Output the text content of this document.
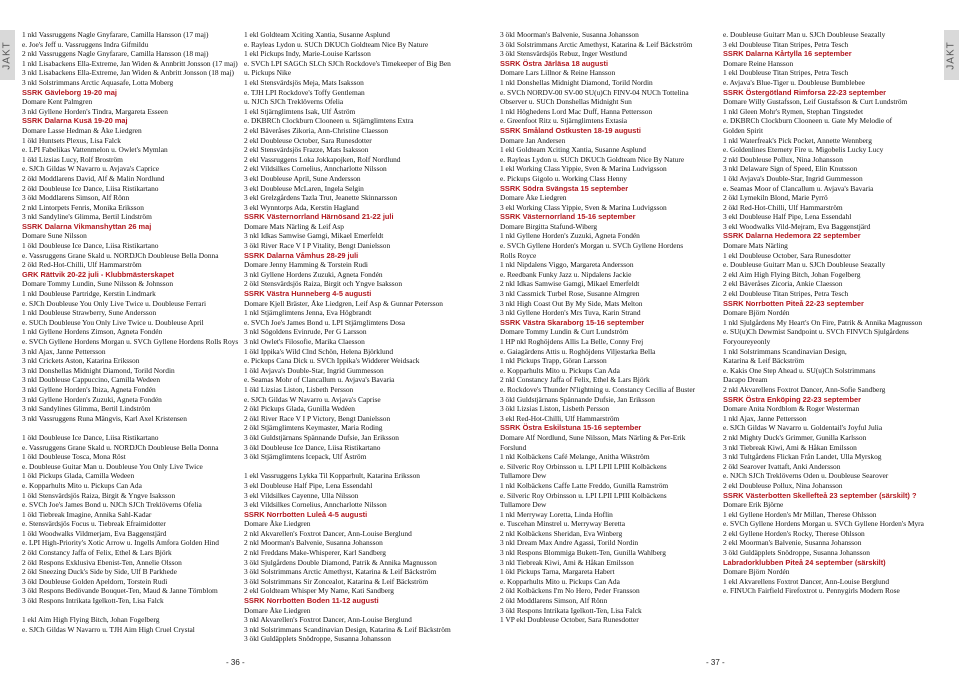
JAKT
1 nkl Vassruggens Nagle Gnyfarare, Camilla Hansson (17 maj)
e. Joe's Jeff u. Vassruggens Indra Gifmildu
2 nkl Vassruggens Nagle Gnyfarare, Camilla Hansson (18 maj)
1 nkl Lisabackens Ella-Extreme, Jan Widen & Annbritt Jonsson (17 maj)
3 nkl Lisabackens Ella-Extreme, Jan Widen & Anbritt Jonsson (18 maj)
3 nkl Solstrimmans Arctic Aquasafe, Lotta Moberg
SSRK Gävleborg 19-20 maj
Domare Kent Palmgren
3 nkl Gyllene Horden's Tindra, Margareta Esseen
SSRK Dalarna Kusä 19-20 maj
Domare Lasse Hedman & Åke Liedgren
1 ökl Huntsets Plexus, Lisa Falck
e. LPI Fabelikas Vattenmelon u. Owlet's Mymlan
1 ökl Lizsias Lucy, Rolf Broström
e. SJCh Gildas W Navarro u. Avjava's Caprice
2 ökl Moddlarens David, Alf & Malin Nordlund
2 ökl Doubleuse Ice Dance, Liisa Ristikartano
3 ökl Moddlarens Simson, Alf Rönn
2 nkl Lintorpets Fenris, Monika Eriksson
3 nkl Sandyline's Glimma, Bertil Lindström
SSRK Dalarna Vikmanshyttan 26 maj
Domare Sune Nilsson
1 ökl Doubleuse Ice Dance, Liisa Ristikartano
e. Vassruggens Grane Skald u. NORDJCh Doubleuse Bella Donna
2 ökl Red-Hot-Chilli, Ulf Hammarström
GRK Rättvik 20-22 juli - Klubbmästerskapet
Domare Tommy Lundin, Sune Nilsson & Johnsson
1 nkl Doubleuse Partridge, Kerstin Lindmark
e. SJCh Doubleuse You Only Live Twice u. Doubleuse Ferrari
1 nkl Doubleuse Strawberry, Sune Andersson
e. SUCh Doubleuse You Only Live Twice u. Doubleuse April
1 nkl Gyllene Hordens Zimson, Agneta Fondén
e. SVCh Gyllene Hordens Morgan u. SVCh Gyllene Hordens Rolls Roys
3 nkl Ajax, Janne Pettersson
3 nkl Crickets Aston, Katarina Eriksson
3 nkl Donshellas Midnight Diamond, Torild Nordin
3 nkl Doubleuse Cappuccino, Camilla Wedeen
3 nkl Gyllene Horden's Ibiza, Agneta Fondén
3 nkl Gyllene Horden's Zuzuki, Agneta Fondén
3 nkl Sandylines Glimma, Bertil Lindström
3 nkl Vassruggens Runa Mängvis, Karl Axel Kristensen

1 ökl Doubleuse Ice Dance, Liisa Ristikartano
e. Vassruggens Grane Skald u. NORDJCh Doubleuse Bella Donna
1 ökl Doubleuse Tosca, Mona Röst
e. Doubleuse Guitar Man u. Doubleuse You Only Live Twice
1 ökl Pickups Glada, Camilla Wedeen
e. Kopparhults Mito u. Pickups Can Ada
1 ökl Stensvärdsjös Raiza, Birgit & Yngve Isaksson
e. SVCh Joe's James Bond u. NJCh SJCh Treklöverns Ofelia
1 ökl Tiebreak Imagine, Annika Sahl-Kadar
e. Stensvärdsjös Focus u. Tiebreak Efraimidotter
1 ökl Woodwalks Vildmerjam, Eva Baggenstjärd
e. LPI High-Priority's Xotic Arrow u. Ingells Amfora Golden Hind
2 ökl Constancy Jaffa of Felix, Ethel & Lars Björk
2 ökl Respons Exklusiva Ebenist-Ten, Annelie Olsson
2 ökl Sneezing Duck's Side by Side, Ulf B Parkhede
3 ökl Doubleuse Golden Apeldorn, Torstein Rudi
3 ökl Respons Bedövande Bouquet-Ten, Maud & Janne Törnblom
3 ökl Respons Intrikata Igelkott-Ten, Lisa Falck

1 ekl Aim High Flying Bitch, Johan Fogelberg
e. SJCh Gildas W Navarro u. TJH Aim High Cruel Crystal
1 ekl Goldteam Xciting Xantia, Susanne Asplund
e. Rayleas Lydon u. SUCh DKUCh Goldteam Nice By Nature
1 ekl Pickups Indy, Marie-Louise Karlsson
e. SVCh LPI SAGCh SLCh SJCh Rockdove's Timekeeper of Big Ben
u. Pickups Nike
1 ekl Stensvärdsjös Meja, Mats Isaksson
e. TJH LPI Rockdove's Toffy Gentleman
u. NJCh SJCh Treklöverns Ofelia
1 ekl Stjärnglimtens Isak, Ulf Åström
e. DKBRCh Clockburn Clooneen u. Stjärnglimtens Extra
2 ekl Bäveråses Zikoria, Ann-Christine Claesson
2 ekl Doubleuse October, Sara Runesdotter
2 ekl Stensvärdsjös Frazze, Mats Isaksson
2 ekl Vassruggens Loka Jokkapojken, Rolf Nordlund
2 ekl Vildsilkes Cornelius, Anncharlotte Nilsson
3 ekl Doubleuse April, Sune Andersson
3 ekl Doubleuse McLaren, Ingela Selgin
3 ekl Grelzgårdens Tazla Trut, Jeanette Skinnarsson
3 ekl Wynntorps Ada, Kerstin Hagland
SSRK Västernorrland Härnösand 21-22 juli
Domare Mats Närling & Leif Asp
3 nkl Idkas Samwise Gamgi, Mikael Emerfeldt
3 ökl River Race V I P Vitality, Bengt Danielsson
SSRK Dalarna Våmhus 28-29 juli
Domare Jenny Hamming & Torstein Rudi
3 nkl Gyllene Hordens Zuzuki, Agneta Fondén
2 ökl Stensvärdsjös Raiza, Birgit och Yngve Isaksson
SSRK Västra Hunneberg 4-5 augusti
Domare Kjell Bräster, Åke Liedgren, Leif Asp & Gunnar Petersson
1 nkl Stjärnglimtens Jenna, Eva Högbrandt
e. SVCh Joe's James Bond u. LPI Stjärnglimtens Dosa
3 nkl Sögoldens Evinrude, Per G Larsson
3 nkl Owlet's Filosofie, Marika Claesson
1 ökl Ippika's Wild Clnd Schön, Helena Björklund
e. Pickups Cana Dick u. SVCh Ippika's Widderer Weidsack
1 ökl Avjava's Double-Star, Ingrid Gummesson
e. Seamas Mohr of Clancallum u. Avjava's Bavaria
1 ökl Lizsias Liston, Lisbeth Persson
e. SJCh Gildas W Navarro u. Avjava's Caprise
2 ökl Pickups Glada, Gunilla Wedéen
2 ökl River Race V I P Victory, Bengt Danielsson
2 ökl Stjärnglimtens Keymaster, Maria Roding
3 ökl Guldstjärnans Spännande Dufsie, Jan Eriksson
3 ökl Doubleuse Ice Dance, Liisa Ristikartano
3 ökl Stjärnglimtens Icepack, Ulf Åström

1 ekl Vassruggens Lykka Til Kopparhult, Katarina Eriksson
3 ekl Doubleuse Half Pipe, Lena Essendahl
3 ekl Vildsilkes Cayenne, Ulla Nilsson
3 ekl Vildsilkes Cornelius, Anncharlotte Nilsson
SSRK Norrbotten Luleå 4-5 augusti
Domare Åke Liedgren
2 nkl Akvarellen's Foxtrot Dancer, Ann-Louise Berglund
2 nkl Moorman's Balvenie, Susanna Johansson
2 nkl Freddans Make-Whisperer, Karl Sandberg
3 ökl Sjulgårdens Double Diamond, Patrik & Annika Magnusson
3 ökl Solstrimmans Arctic Amethyst, Katarina & Leif Bäckström
3 ökl Solstrimmans Sir Zoncealot, Katarina & Leif Bäckström
2 ekl Goldteam Whisper My Name, Kati Sandberg
SSRK Norrbotten Boden 11-12 augusti
Domare Åke Liedgren
3 nkl Akvarellen's Foxtrot Dancer, Ann-Louise Berglund
3 nkl Solstrimmans Scandinavian Design, Katarina & Leif Bäckström
3 ökl Guldäpplets Snödroppe, Susanna Johansson
- 36 -
3 ökl Moorman's Balvenie, Susanna Johansson
3 ökl Solstrimmans Arctic Amethyst, Katarina & Leif Bäckström
3 ökl Stensvärdsjös Rebuz, Inger Westlund
SSRK Östra Järläsa 18 augusti
Domare Lars Lillnor & Reine Hansson
1 nkl Donshellas Midnight Diamond, Torild Nordin
e. SVCh NORDV-00 SV-00 SU(u)Ch FINV-04 NUCh Tottelina
Observer u. SUCh Donshellas Midnight Sun
1 nkl Höghedens Lord Mac Duff, Hanna Pettersson
e. Greenfoot Ritz u. Stjärnglimtens Extasia
SSRK Småland Ostkusten 18-19 augusti
Domare Jan Andersen
1 ekl Goldteam Xciting Xantia, Susanne Asplund
e. Rayleas Lydon u. SUCh DKUCh Goldteam Nice By Nature
1 ekl Working Class Yippie, Sven & Marina Ludvigsson
e. Pickups Gigolo u. Working Class Henny
SSRK Södra Svängsta 15 september
Domare Åke Liedgren
3 ekl Working Class Yippie, Sven & Marina Ludvigsson
SSRK Västernorrland 15-16 september
Domare Birgitta Stafund-Wiberg
1 nkl Gyllene Horden's Zuzuki, Agneta Fondén
e. SVCh Gyllene Horden's Morgan u. SVCh Gyllene Hordens
Rolls Royce
1 nkl Nipdalens Viggo, Margareta Andersson
e. Reedbank Funky Jazz u. Nipdalens Jackie
2 nkl Idkas Samwise Gamgi, Mikael Emerfeldt
3 nkl Cassmick Turbel Rose, Susanne Almgren
3 nkl High Coast Out By My Side, Mats Melton
3 nkl Gyllene Horden's Mrs Tuva, Karin Strand
SSRK Västra Skaraborg 15-16 september
Domare Tommy Lundin & Curt Lundström
1 HP nkl Roghöjdens Allis La Belle, Conny Frej
e. Gaiagärdens Attis u. Roghöjdens Viljestarka Bella
1 nkl Pickups Trapp, Göran Larsson
e. Kopparhults Mito u. Pickups Can Ada
2 nkl Constancy Jaffa of Felix, Ethel & Lars Björk
e. Rockdove's Thunder N'lightning u. Constancy Cecilia af Buster
3 ökl Guldstjärnans Spännande Dufsie, Jan Eriksson
3 ökl Lizsias Liston, Lisbeth Persson
3 ekl Red-Hot-Chilli, Ulf Hammarström
SSRK Östra Eskilstuna 15-16 september
Domare Alf Nordlund, Sune Nilsson, Mats Närling & Per-Erik
Forslund
1 nkl Kolbäckens Café Melange, Anitha Wikström
e. Silveric Roy Orbinsson u. LPI LPII LPIII Kolbäckens
Tullamore Dew
1 nkl Kolbäckens Caffe Latte Freddo, Gunilla Ramström
e. Silveric Roy Orbinsson u. LPI LPII LPIII Kolbäckens
Tullamore Dew
1 nkl Merryway Loretta, Linda Hoflin
e. Tuscehan Minstrel u. Merryway Beretta
2 nkl Kolbäckens Sheridan, Eva Winberg
3 nkl Dream Max Andre Agassi, Torild Nordin
3 nkl Respons Blommiga Bukett-Ten, Gunilla Wahlberg
3 nkl Tiebreak Kiwi, Ami & Håkan Emilsson
1 ökl Pickups Tarna, Margareta Habert
e. Kopparhults Mito u. Pickups Can Ada
2 ökl Kolbäckens I'm No Hero, Peder Fransson
2 ökl Moddlarens Simson, Alf Rönn
3 ökl Respons Intrikata Igelkott-Ten, Lisa Falck
1 VP ekl Doubleuse October, Sara Runesdotter
e. Doubleuse Guitarr Man u. SJCh Doubleuse Seazally
3 ekl Doubleuse Titan Stripes, Petra Tesch
SSRK Dalarna Kårtylla 16 september
Domare Reine Hansson
1 ekl Doubleuse Titan Stripes, Petra Tesch
e. Avjava's Blue-Tiger u. Doubleuse Bumblebee
SSRK Östergötland Rimforsa 22-23 september
Domare Willy Gustafsson, Leif Gustafsson & Curt Lundström
1 nkl Gleen Mohr's Rymen, Stephan Tingstedet
e. DKBRCh Clockburn Clooneen u. Gate My Melodie of
Golden Spirit
1 nkl Waterfreak's Pick Pocket, Annette Wennberg
e. Goldenlines Eternety Fire u. Migobelis Lucky Lucy
2 nkl Doubleuse Pollux, Nina Johansson
3 nkl Delaware Sign of Speed, Elin Knutsson
1 ökl Avjava's Double-Star, Ingrid Gummesson
e. Seamas Moor of Clancallum u. Avjava's Bavaria
2 ökl Lymekiln Blond, Marie Pyrrö
2 ökl Red-Hot-Chilli, Ulf Hammarström
3 ekl Doubleuse Half Pipe, Lena Essendahl
3 ekl Woodwalks Vild-Mejram, Eva Baggenstjärd
SSRK Dalarna Hedemora 22 september
Domare Mats Närling
1 ekl Doubleuse October, Sara Runesdotter
e. Doubleuse Guitarr Man u. SJCh Doubleuse Seazally
2 ekl Aim High Flying Bitch, Johan Fogelberg
2 ekl Bäveråses Zicoria, Ankie Claesson
2 ekl Doubleuse Titan Stripes, Petra Tesch
SSRK Norrbotten Piteå 22-23 september
Domare Björn Nordén
1 nkl Sjulgårdens My Heart's On Fire, Patrik & Annika Magnusson
e. SU(u)Ch Dewmist Sandpoint u. SVCh FINVCh Sjulgårdens
Foryoureyeonly
1 nkl Solstrimmans Scandinavian Design,
Katarina & Leif Bäckström
e. Kakis One Step Ahead u. SU(u)Ch Solstrimmans
Dacapo Dream
2 nkl Akvarellens Foxtrot Dancer, Ann-Sofie Sandberg
SSRK Östra Enköping 22-23 september
Domare Anita Nordblom & Roger Westerman
1 nkl Ajax, Janne Pettersson
e. SJCh Gildas W Navarro u. Goldentail's Joyful Julia
2 nkl Mighty Duck's Grimmer, Gunilla Karlsson
3 nkl Tiebreak Kiwi, Ami & Håkan Emilsson
3 nkl Tultgårdens Flickan Från Landet, Ulla Myrskog
2 ökl Searover Ivattaft, Anki Andersson
e. NJCh SJCh Treklöverns Oden u. Doubleuse Searover
2 ekl Doubleuse Pollux, Nina Johansson
SSRK Västerbotten Skellefteå 23 september (särskilt) ?
Domare Erik Björne
1 ekl Gyllene Horden's Mr Millan, Therese Ohlsson
e. SVCh Gyllene Hordens Morgan u. SVCh Gyllene Horden's Myra
2 ekl Gyllene Horden's Rocky, Therese Ohlsson
2 ekl Moorman's Balvenie, Susanna Johansson
3 ökl Guldäpplets Snödroppe, Susanna Johansson
Labradorklubben Piteå 24 september (särskilt)
Domare Björn Nordén
1 ekl Akvarellens Foxtrot Dancer, Ann-Louise Berglund
e. FINUCh Fairfield Firefoxtrot u. Pennygirls Modern Rose
JAKT
- 37 -
